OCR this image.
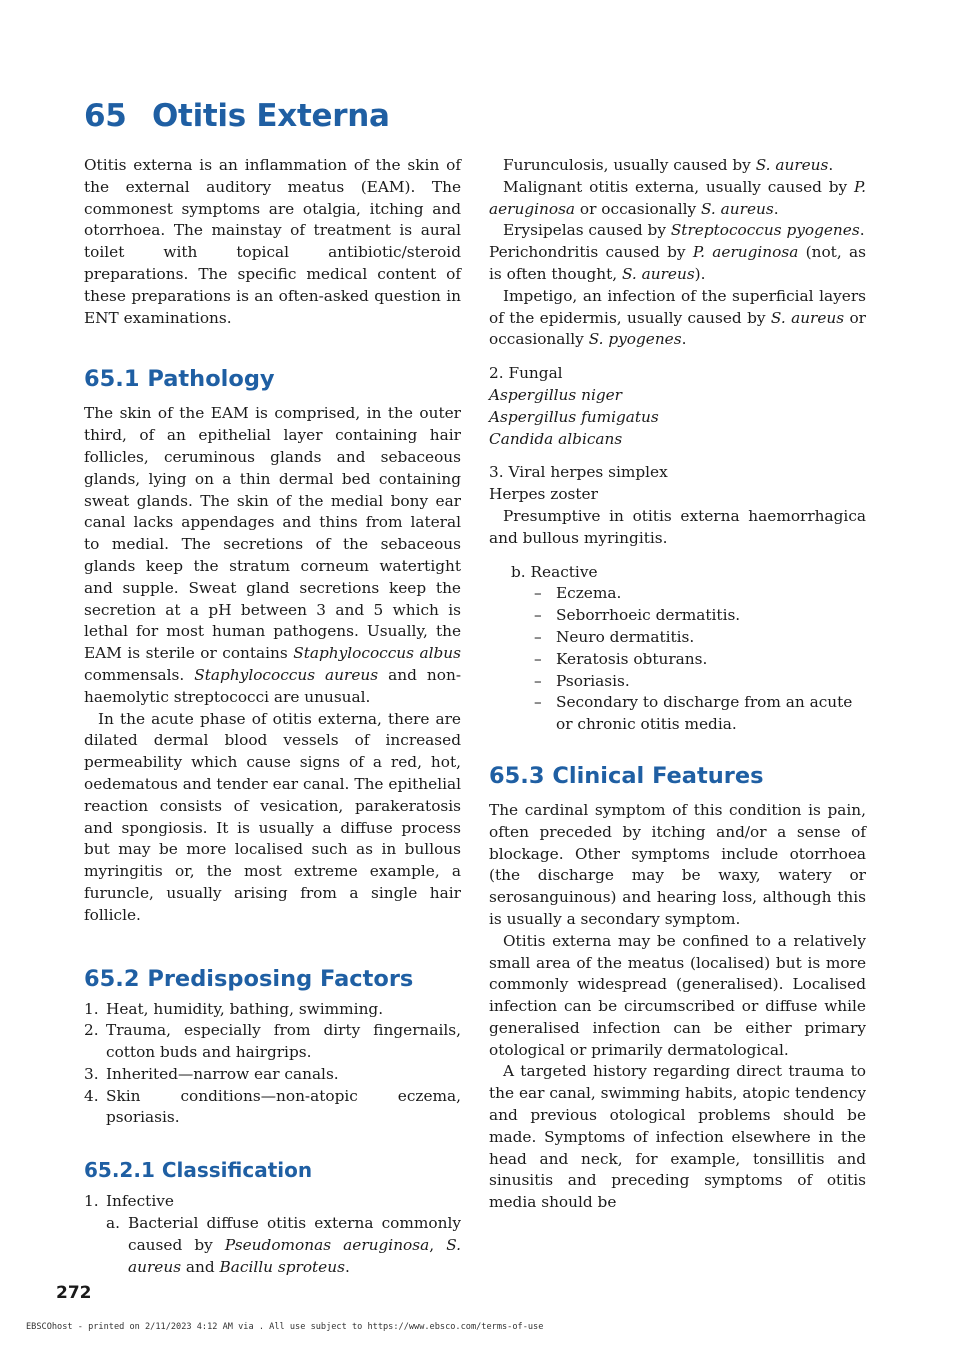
65 Otitis Externa

Otitis externa is an inflammation of the skin of the external auditory meatus (EAM). The commonest symptoms are otalgia, itching and otorrhoea. The mainstay of treatment is aural toilet with topical antibiotic/steroid preparations. The specific medical content of these preparations is an often-asked question in ENT examinations.

65.1 Pathology

The skin of the EAM is comprised, in the outer third, of an epithelial layer containing hair follicles, ceruminous glands and sebaceous glands, lying on a thin dermal bed containing sweat glands. The skin of the medial bony ear canal lacks appendages and thins from lateral to medial. The secretions of the sebaceous glands keep the stratum corneum watertight and supple. Sweat gland secretions keep the secretion at a pH between 3 and 5 which is lethal for most human pathogens. Usually, the EAM is sterile or contains Staphylococcus albus commensals. Staphylococcus aureus and non-haemolytic streptococci are unusual.

In the acute phase of otitis externa, there are dilated dermal blood vessels of increased permeability which cause signs of a red, hot, oedematous and tender ear canal. The epithelial reaction consists of vesication, parakeratosis and spongiosis. It is usually a diffuse process but may be more localised such as in bullous myringitis or, the most extreme example, a furuncle, usually arising from a single hair follicle.

65.2 Predisposing Factors
1. Heat, humidity, bathing, swimming.
2. Trauma, especially from dirty fingernails, cotton buds and hairgrips.
3. Inherited—narrow ear canals.
4. Skin conditions—non-atopic eczema, psoriasis.
65.2.1 Classification
1. Infective
a. Bacterial diffuse otitis externa commonly caused by Pseudomonas aeruginosa, S. aureus and Bacillu sproteus.

Furunculosis, usually caused by S. aureus.

Malignant otitis externa, usually caused by P. aeruginosa or occasionally S. aureus.

Erysipelas caused by Streptococcus pyogenes.

Perichondritis caused by P. aeruginosa (not, as is often thought, S. aureus).

Impetigo, an infection of the superficial layers of the epidermis, usually caused by S. aureus or occasionally S. pyogenes.

2. Fungal
Aspergillus niger
Aspergillus fumigatus
Candida albicans
3. Viral herpes simplex
Herpes zoster

Presumptive in otitis externa haemorrhagica and bullous myringitis.

b. Reactive
– Eczema.
– Seborrhoeic dermatitis.
– Neuro dermatitis.
– Keratosis obturans.
– Psoriasis.
– Secondary to discharge from an acute or chronic otitis media.
65.3 Clinical Features

The cardinal symptom of this condition is pain, often preceded by itching and/or a sense of blockage. Other symptoms include otorrhoea (the discharge may be waxy, watery or serosanguinous) and hearing loss, although this is usually a secondary symptom.

Otitis externa may be confined to a relatively small area of the meatus (localised) but is more commonly widespread (generalised). Localised infection can be circumscribed or diffuse while generalised infection can be either primary otological or primarily dermatological.

A targeted history regarding direct trauma to the ear canal, swimming habits, atopic tendency and previous otological problems should be made. Symptoms of infection elsewhere in the head and neck, for example, tonsillitis and sinusitis and preceding symptoms of otitis media should be

272
EBSCOhost - printed on 2/11/2023 4:12 AM via . All use subject to https://www.ebsco.com/terms-of-use
